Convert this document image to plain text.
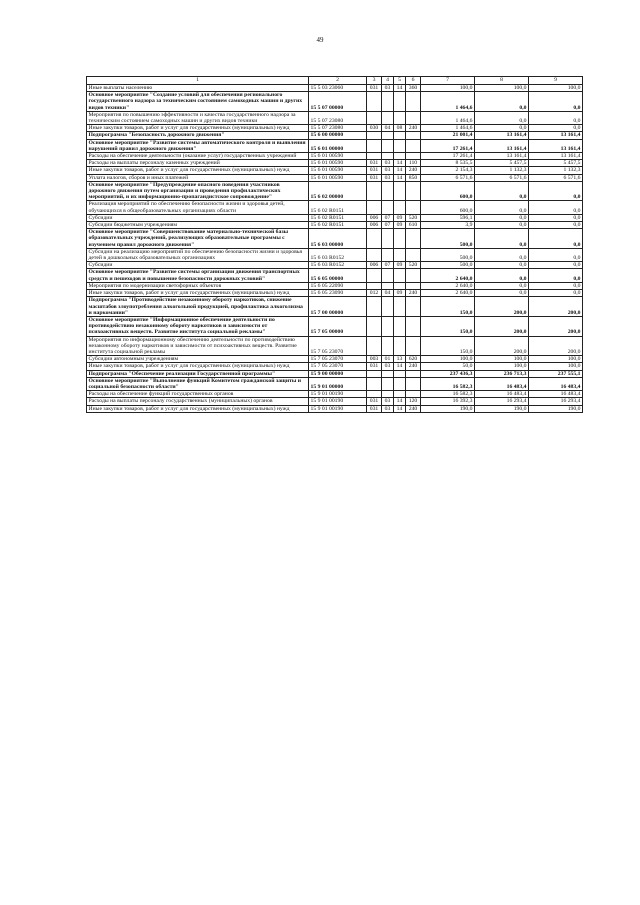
49
1	2	3	4	5	6	7	8	9
Иные выплаты населению	15 5 03 23060	031	03	14	360	100,0	100,0	100,0
Основное мероприятие "Создание условий для обеспечения регионального государственного надзора за техническим состоянием самоходных машин и других видов техники"	15 5 07 00000					1 464,6	0,0	0,0
Мероприятия по повышению эффективности и качества государственного надзора за техническим состоянием самоходных машин и других видов техники	15 5 07 23080					1 464,6	0,0	0,0
Иные закупки товаров, работ и услуг для государственных (муниципальных) нужд	15 5 07 23080	030	04	08	240	1 464,6	0,0	0,0
Подпрограмма "Безопасность дорожного движения"	15 6 00 00000					21 001,4	13 161,4	13 161,4
Основное мероприятие "Развитие системы автоматического контроля и выявления нарушений правил дорожного движения"	15 6 01 00000					17 261,4	13 161,4	13 161,4
Расходы на обеспечение деятельности (оказание услуг) государственных учреждений	15 6 01 00590					17 261,4	13 161,4	13 161,4
Расходы на выплаты персоналу казенных учреждений	15 6 01 00590	031	03	14	110	8 535,5	5 457,5	5 457,5
Иные закупки товаров, работ и услуг для государственных (муниципальных) нужд	15 6 01 00590	031	03	14	240	2 154,3	1 132,3	1 132,3
Уплата налогов, сборов и иных платежей	15 6 01 00590	031	03	14	850	6 571,6	6 571,6	6 571,6
Основное мероприятие "Предупреждение опасного поведения участников дорожного движения путем организации и проведения профилактических мероприятий, и их информационно-пропагандистское сопровождение"	15 6 02 00000					600,0	0,0	0,0
Реализация мероприятий по обеспечению безопасности жизни и здоровья детей, обучающихся в общеобразовательных организациях области	15 6 02 R0151					600,0	0,0	0,0
Субсидии	15 6 02 R0151	006	07	09	520	596,1	0,0	0,0
Субсидии бюджетным учреждениям	15 6 02 R0151	006	07	09	610	3,9	0,0	0,0
Основное мероприятие "Совершенствование материально-технической базы образовательных учреждений, реализующих образовательные программы с изучением правил дорожного движения"	15 6 03 00000					500,0	0,0	0,0
Субсидии на реализацию мероприятий по обеспечению безопасности жизни и здоровья детей в дошкольных образовательных организациях	15 6 03 R0152					500,0	0,0	0,0
Субсидии	15 6 03 R0152	006	07	09	520	500,0	0,0	0,0
Основное мероприятие "Развитие системы организации движения транспортных средств и пешеходов и повышение безопасности дорожных условий"	15 6 05 00000					2 640,0	0,0	0,0
Мероприятия по модернизации светофорных объектов	15 6 05 22090					2 640,0	0,0	0,0
Иные закупки товаров, работ и услуг для государственных (муниципальных) нужд	15 6 05 23090	012	04	09	240	2 640,0	0,0	0,0
Подпрограмма "Противодействие незаконному обороту наркотиков, снижение масштабов злоупотребления алкогольной продукцией, профилактика алкоголизма и наркомании"	15 7 00 00000					150,0	200,0	200,0
Основное мероприятие "Информационное обеспечение деятельности по противодействию незаконному обороту наркотиков и зависимости от психоактивных веществ. Развитие института социальной рекламы"	15 7 05 00000					150,0	200,0	200,0
Мероприятия по информационному обеспечению деятельности по противодействию незаконному обороту наркотиков и зависимости от психоактивных веществ. Развитие института социальной рекламы	15 7 05 23070					150,0	200,0	200,0
Субсидии автономным учреждениям	15 7 05 23070	003	01	13	620	100,0	100,0	100,0
Иные закупки товаров, работ и услуг для государственных (муниципальных) нужд	15 7 05 23070	031	03	14	240	50,0	100,0	100,0
Подпрограмма "Обеспечение реализации Государственной программы"	15 9 00 00000					237 436,3	236 713,3	237 555,1
Основное мероприятие "Выполнение функций Комитетом гражданской защиты и социальной безопасности области"	15 9 01 00000					16 582,3	16 483,4	16 483,4
Расходы на обеспечение функций государственных органов	15 9 01 00190					16 582,3	16 483,4	16 483,4
Расходы на выплаты персоналу государственных (муниципальных) органов	15 9 01 00190	031	03	14	120	16 392,3	16 293,4	16 293,4
Иные закупки товаров, работ и услуг для государственных (муниципальных) нужд	15 9 01 00190	031	03	14	240	190,0	190,0	190,0
